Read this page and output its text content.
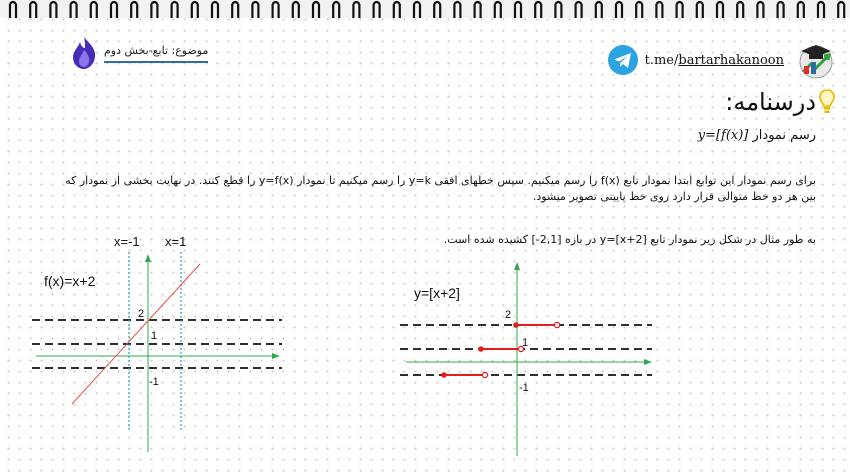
t.me/bartarhakanoon
موضوع: تابع-بخش دوم
درسنامه:
رسم نمودار y=[f(x)]
برای رسم نمودار این توابع ابتدا نمودار تابع f(x) را رسم میکنیم. سپس خطهای افقی y=k را رسم میکنیم تا نمودار y=f(x) را قطع کنند. در نهایت بخشی از نمودار که بین هر دو خط متوالی قرار دارد روی خط پایینی تصویر میشود.
به طور مثال در شکل زیر نمودار تابع y=[x+2] در بازه [2,1-] کشیده شده است.
x=-1 x=1
f(x)=x+2
2
1
-1
y=[x+2]
2
1
-1
